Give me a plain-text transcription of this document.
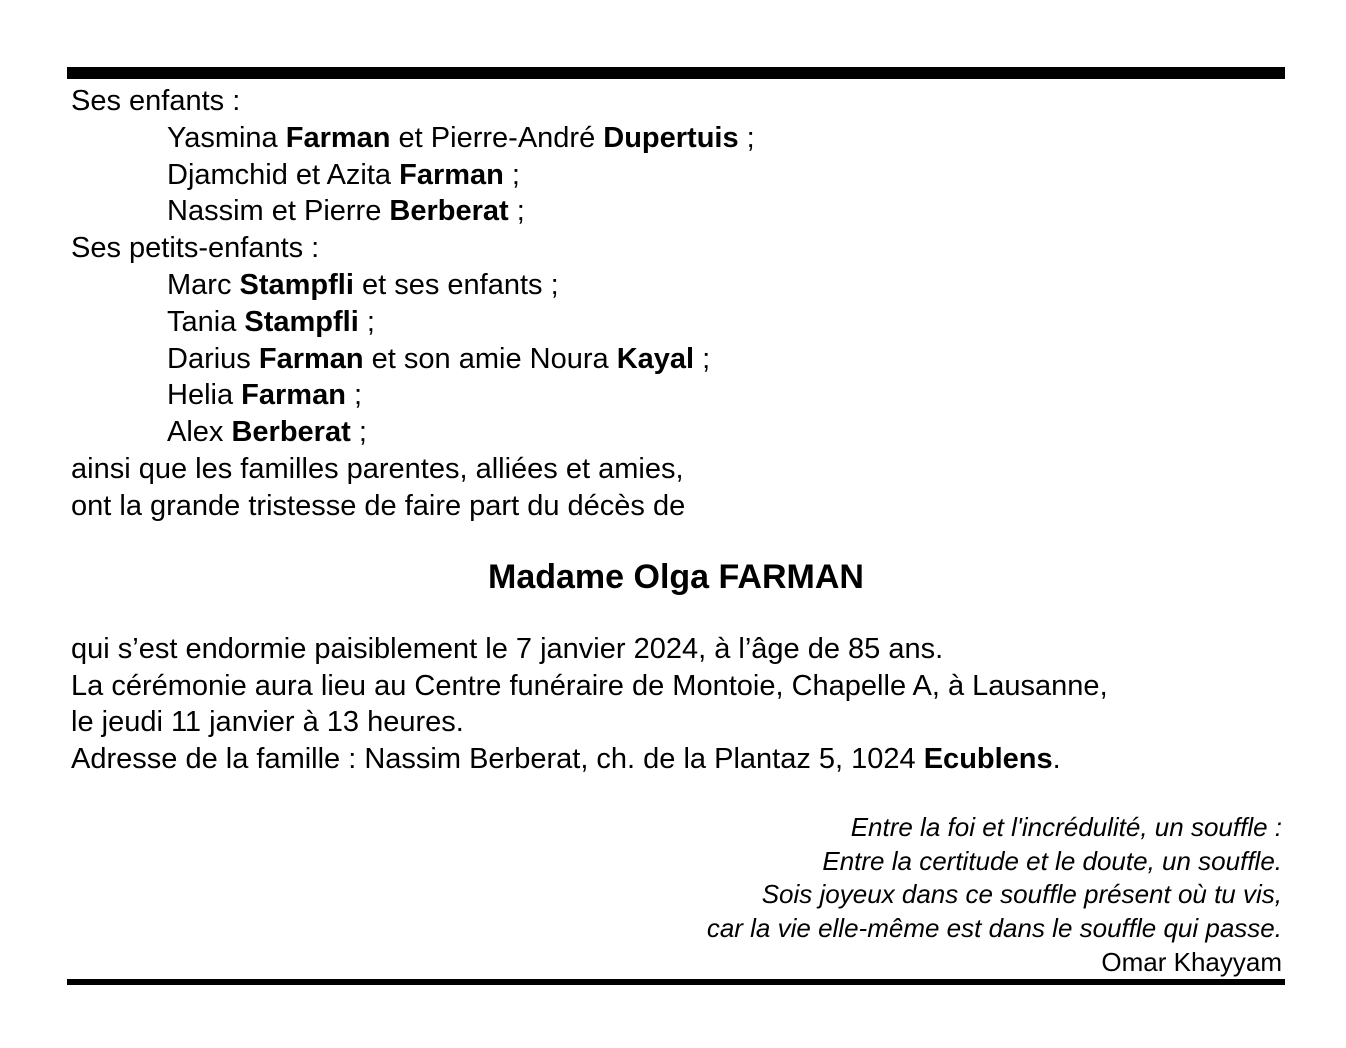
Ses enfants :
Yasmina Farman et Pierre-André Dupertuis ;
Djamchid et Azita Farman ;
Nassim et Pierre Berberat ;
Ses petits-enfants :
Marc Stampfli et ses enfants ;
Tania Stampfli ;
Darius Farman et son amie Noura Kayal ;
Helia Farman ;
Alex Berberat ;
ainsi que les familles parentes, alliées et amies,
ont la grande tristesse de faire part du décès de
Madame Olga FARMAN
qui s’est endormie paisiblement le 7 janvier 2024, à l’âge de 85 ans.
La cérémonie aura lieu au Centre funéraire de Montoie, Chapelle A, à Lausanne,
le jeudi 11 janvier à 13 heures.
Adresse de la famille : Nassim Berberat, ch. de la Plantaz 5, 1024 Ecublens.
Entre la foi et l'incrédulité, un souffle :
Entre la certitude et le doute, un souffle.
Sois joyeux dans ce souffle présent où tu vis,
car la vie elle-même est dans le souffle qui passe.
Omar Khayyam
